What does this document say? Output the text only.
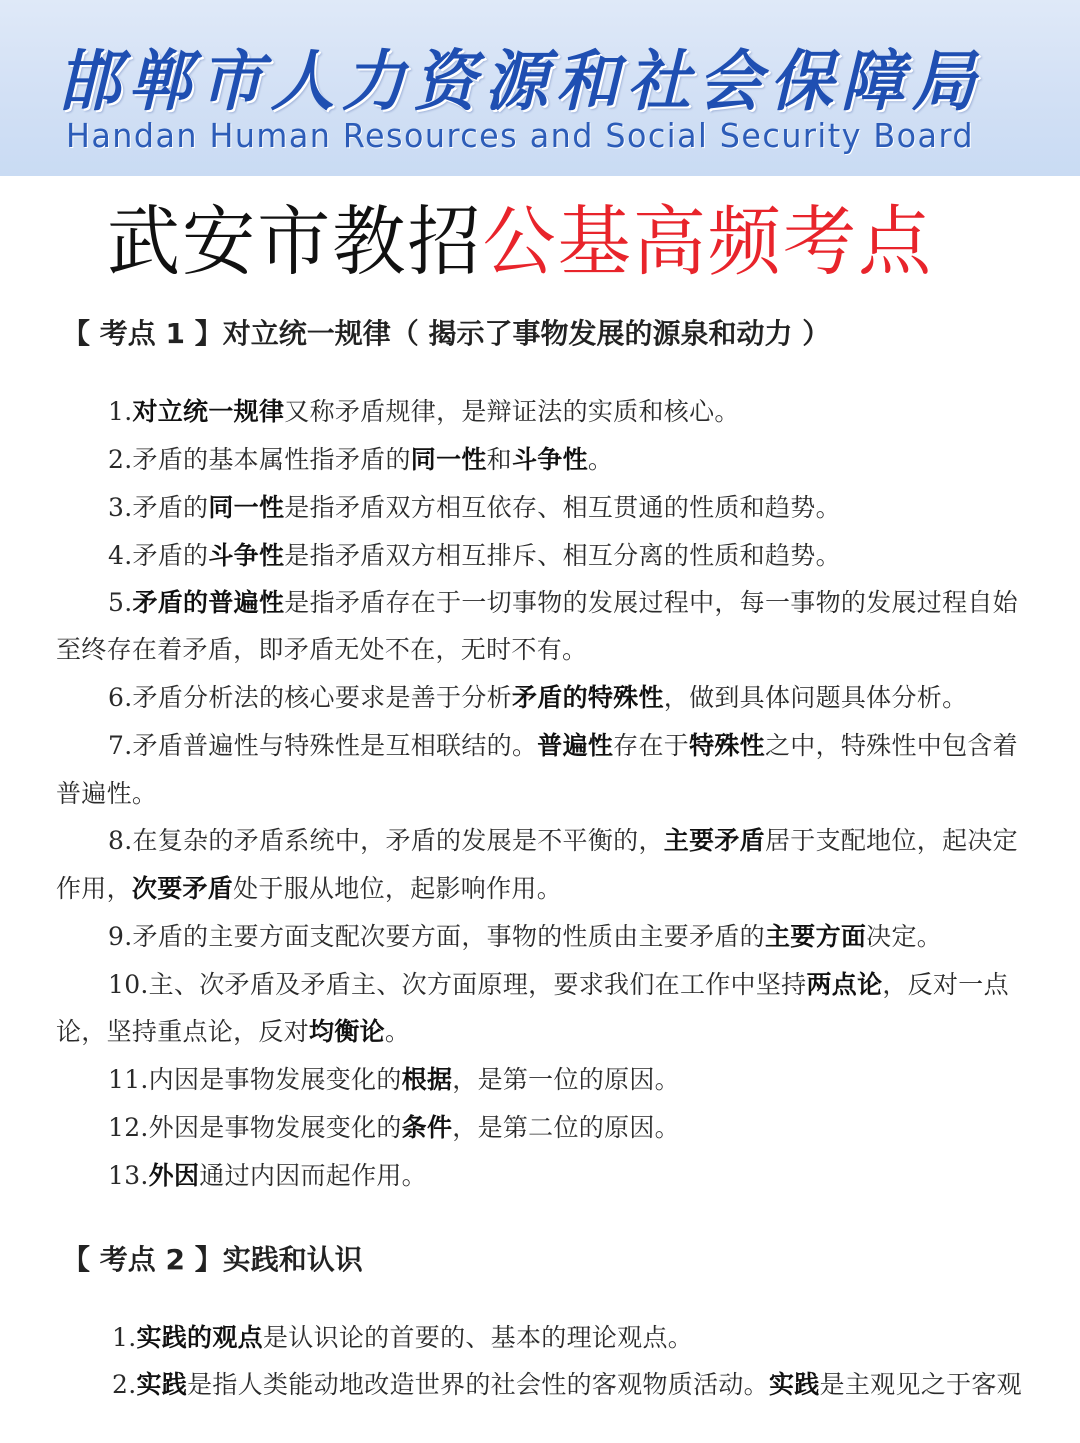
邯郸市人力资源和社会保障局
Handan Human Resources and Social Security Board
武安市教招公基高频考点
【 考点 1 】对立统一规律（ 揭示了事物发展的源泉和动力 ）
1.对立统一规律又称矛盾规律，是辩证法的实质和核心。
2.矛盾的基本属性指矛盾的同一性和斗争性。
3.矛盾的同一性是指矛盾双方相互依存、相互贯通的性质和趋势。
4.矛盾的斗争性是指矛盾双方相互排斥、相互分离的性质和趋势。
5.矛盾的普遍性是指矛盾存在于一切事物的发展过程中，每一事物的发展过程自始
至终存在着矛盾，即矛盾无处不在，无时不有。
6.矛盾分析法的核心要求是善于分析矛盾的特殊性，做到具体问题具体分析。
7.矛盾普遍性与特殊性是互相联结的。普遍性存在于特殊性之中，特殊性中包含着
普遍性。
8.在复杂的矛盾系统中，矛盾的发展是不平衡的，主要矛盾居于支配地位，起决定
作用，次要矛盾处于服从地位，起影响作用。
9.矛盾的主要方面支配次要方面，事物的性质由主要矛盾的主要方面决定。
10.主、次矛盾及矛盾主、次方面原理，要求我们在工作中坚持两点论，反对一点
论，坚持重点论，反对均衡论。
11.内因是事物发展变化的根据，是第一位的原因。
12.外因是事物发展变化的条件，是第二位的原因。
13.外因通过内因而起作用。
【 考点 2 】实践和认识
1.实践的观点是认识论的首要的、基本的理论观点。
2.实践是指人类能动地改造世界的社会性的客观物质活动。实践是主观见之于客观
